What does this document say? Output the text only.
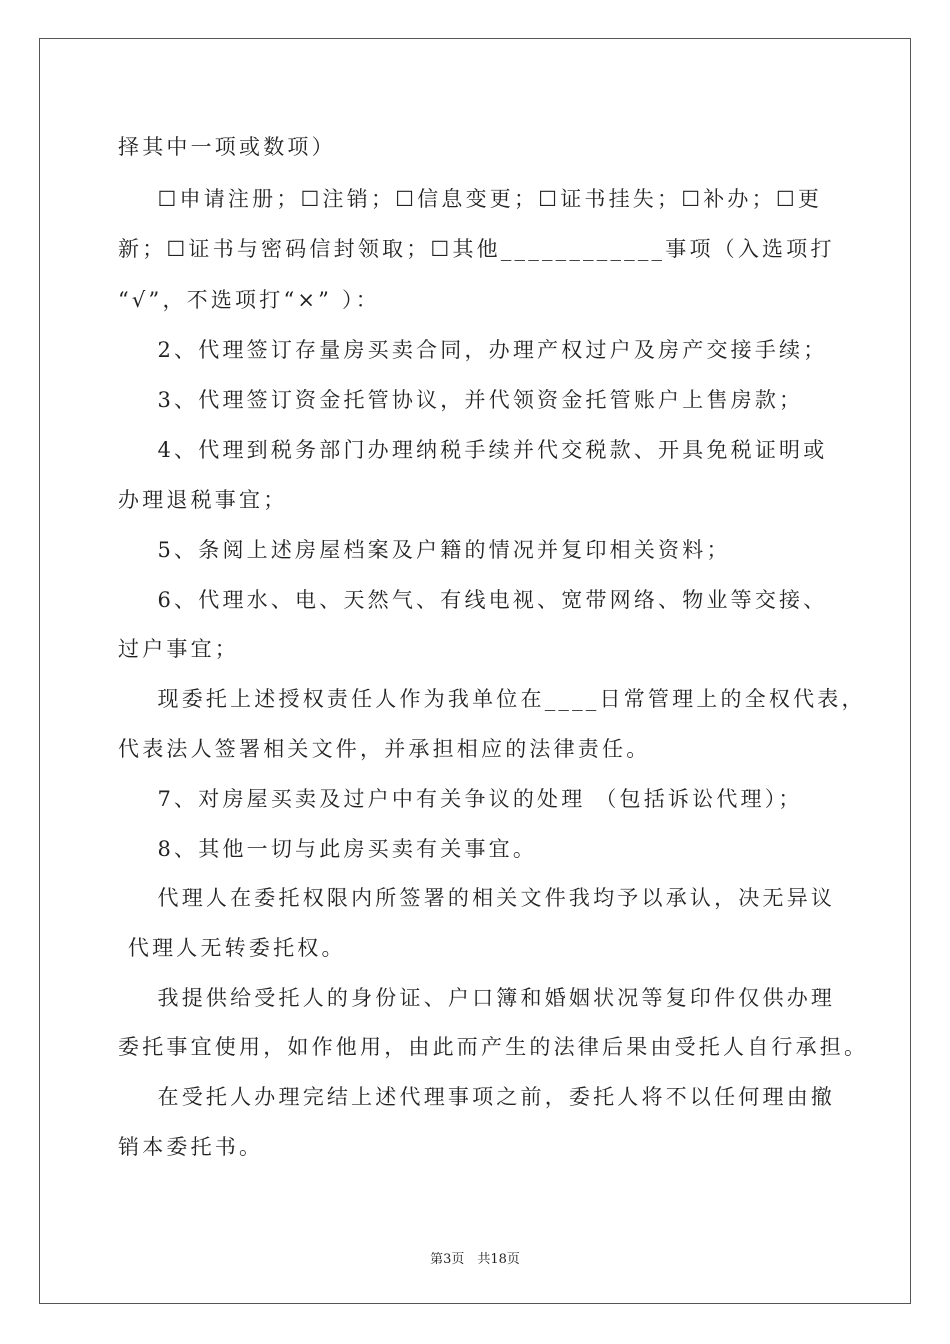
择其中一项或数项）
☐申请注册；☐注销；☐信息变更；☐证书挂失；☐补办；☐更
新；☐证书与密码信封领取；☐其他____________事项（入选项打
“√”，不选项打“×” ）：
2、代理签订存量房买卖合同，办理产权过户及房产交接手续；
3、代理签订资金托管协议，并代领资金托管账户上售房款；
4、代理到税务部门办理纳税手续并代交税款、开具免税证明或
办理退税事宜；
5、条阅上述房屋档案及户籍的情况并复印相关资料；
6、代理水、电、天然气、有线电视、宽带网络、物业等交接、
过户事宜；
现委托上述授权责任人作为我单位在____日常管理上的全权代表，
代表法人签署相关文件，并承担相应的法律责任。
7、对房屋买卖及过户中有关争议的处理 （包括诉讼代理）；
8、其他一切与此房买卖有关事宜。
代理人在委托权限内所签署的相关文件我均予以承认，决无异议
代理人无转委托权。
我提供给受托人的身份证、户口簿和婚姻状况等复印件仅供办理
委托事宜使用，如作他用，由此而产生的法律后果由受托人自行承担。
在受托人办理完结上述代理事项之前，委托人将不以任何理由撤
销本委托书。
第3页　共18页
